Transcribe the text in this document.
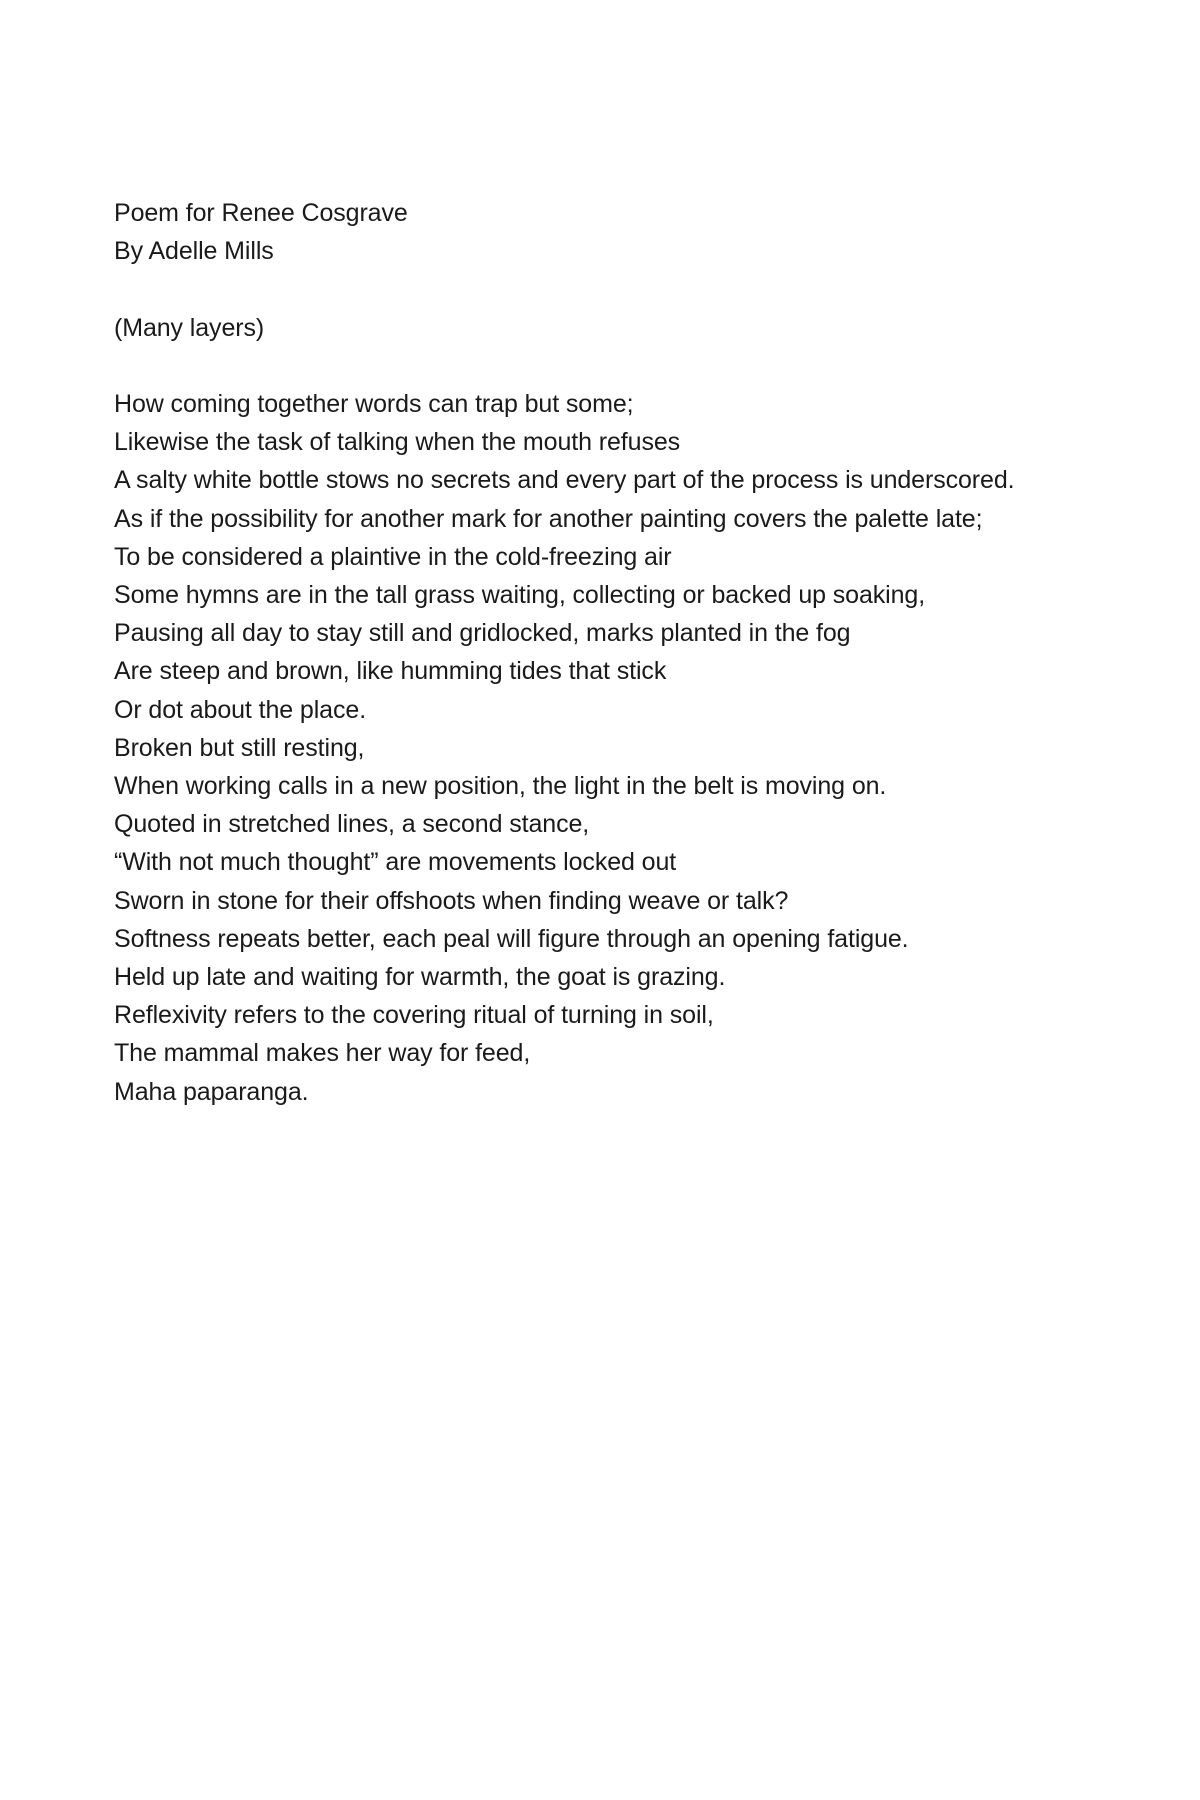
Poem for Renee Cosgrave
By Adelle Mills
(Many layers)
How coming together words can trap but some;
Likewise the task of talking when the mouth refuses
A salty white bottle stows no secrets and every part of the process is underscored.
As if the possibility for another mark for another painting covers the palette late;
To be considered a plaintive in the cold-freezing air
Some hymns are in the tall grass waiting, collecting or backed up soaking,
Pausing all day to stay still and gridlocked, marks planted in the fog
Are steep and brown, like humming tides that stick
Or dot about the place.
Broken but still resting,
When working calls in a new position, the light in the belt is moving on.
Quoted in stretched lines, a second stance,
“With not much thought” are movements locked out
Sworn in stone for their offshoots when finding weave or talk?
Softness repeats better, each peal will figure through an opening fatigue.
Held up late and waiting for warmth, the goat is grazing.
Reflexivity refers to the covering ritual of turning in soil,
The mammal makes her way for feed,
Maha paparanga.
